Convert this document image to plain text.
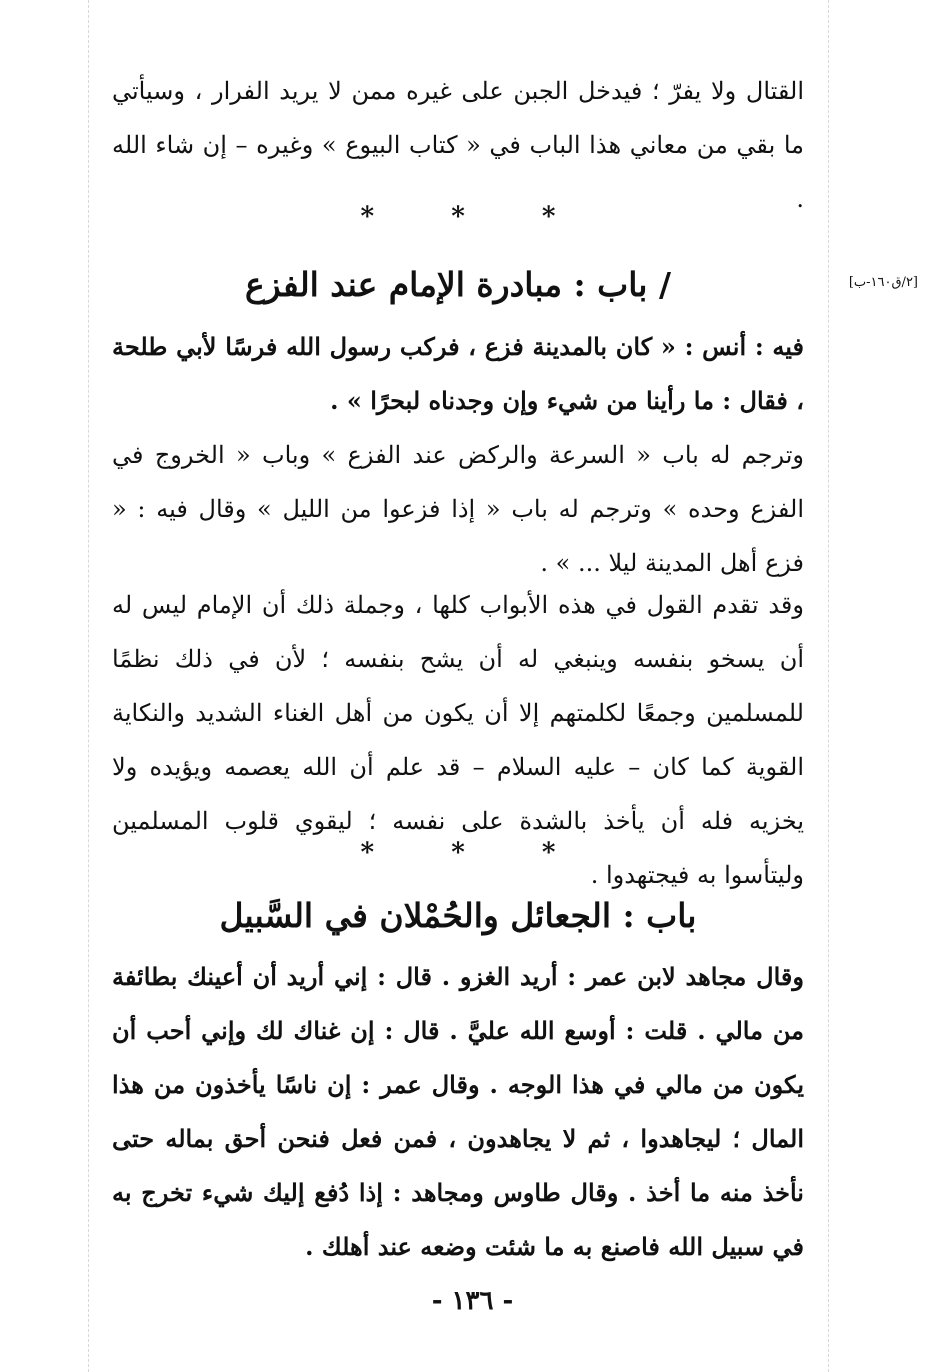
القتال ولا يفرّ ؛ فيدخل الجبن على غيره ممن لا يريد الفرار ، وسيأتي ما بقي من معاني هذا الباب في « كتاب البيوع » وغيره – إن شاء الله .

* * *
[٢/ق١٦٠-ب]
/ باب : مبادرة الإمام عند الفزع

فيه : أنس : « كان بالمدينة فزع ، فركب رسول الله فرسًا لأبي طلحة ، فقال : ما رأينا من شيء وإن وجدناه لبحرًا » .

وترجم له باب « السرعة والركض عند الفزع » وباب « الخروج في الفزع وحده » وترجم له باب « إذا فزعوا من الليل » وقال فيه : « فزع أهل المدينة ليلا ... » .

وقد تقدم القول في هذه الأبواب كلها ، وجملة ذلك أن الإمام ليس له أن يسخو بنفسه وينبغي له أن يشح بنفسه ؛ لأن في ذلك نظمًا للمسلمين وجمعًا لكلمتهم إلا أن يكون من أهل الغناء الشديد والنكاية القوية كما كان – عليه السلام – قد علم أن الله يعصمه ويؤيده ولا يخزيه فله أن يأخذ بالشدة على نفسه ؛ ليقوي قلوب المسلمين وليتأسوا به فيجتهدوا .

* * *
باب : الجعائل والحُمْلان في السَّبيل

وقال مجاهد لابن عمر : أريد الغزو . قال : إني أريد أن أعينك بطائفة من مالي . قلت : أوسع الله عليَّ . قال : إن غناك لك وإني أحب أن يكون من مالي في هذا الوجه . وقال عمر : إن ناسًا يأخذون من هذا المال ؛ ليجاهدوا ، ثم لا يجاهدون ، فمن فعل فنحن أحق بماله حتى نأخذ منه ما أخذ . وقال طاوس ومجاهد : إذا دُفع إليك شيء تخرج به في سبيل الله فاصنع به ما شئت وضعه عند أهلك .

- ١٣٦ -
